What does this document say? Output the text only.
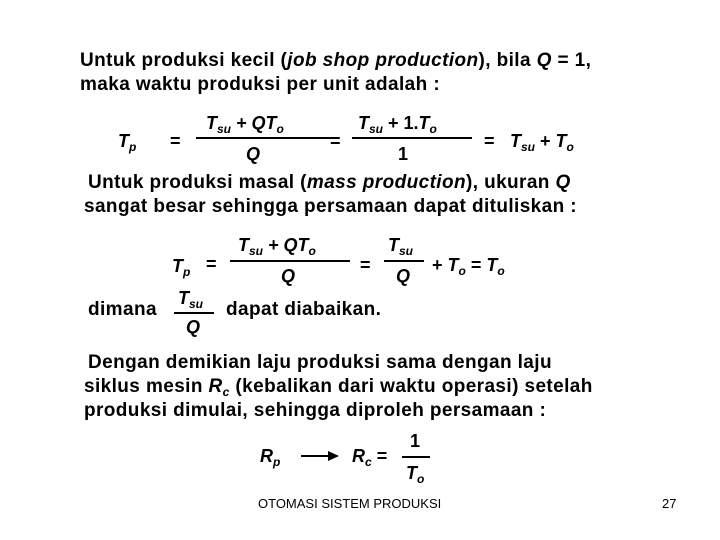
Untuk produksi kecil (job shop production), bila Q = 1,
maka waktu produksi per unit adalah :
$T_p$ =
$T_{su} + QT_o$
Q
=
$T_{su} + 1.T_o$
1
= $T_{su} + T_o$
Untuk produksi masal (mass production), ukuran Q
sangat besar sehingga persamaan dapat dituliskan :
$T_p$ =
$T_{su} + QT_o$
Q
=
$T_{su}$
Q
+ $T_o = T_o$
dimana
$T_{su}$
Q
dapat diabaikan.
Dengan demikian laju produksi sama dengan laju
siklus mesin $R_c$ (kebalikan dari waktu operasi) setelah
produksi dimulai, sehingga diproleh persamaan :
$R_p$	$R_c$ =
1
$T_o$
OTOMASI SISTEM PRODUKSI	27
